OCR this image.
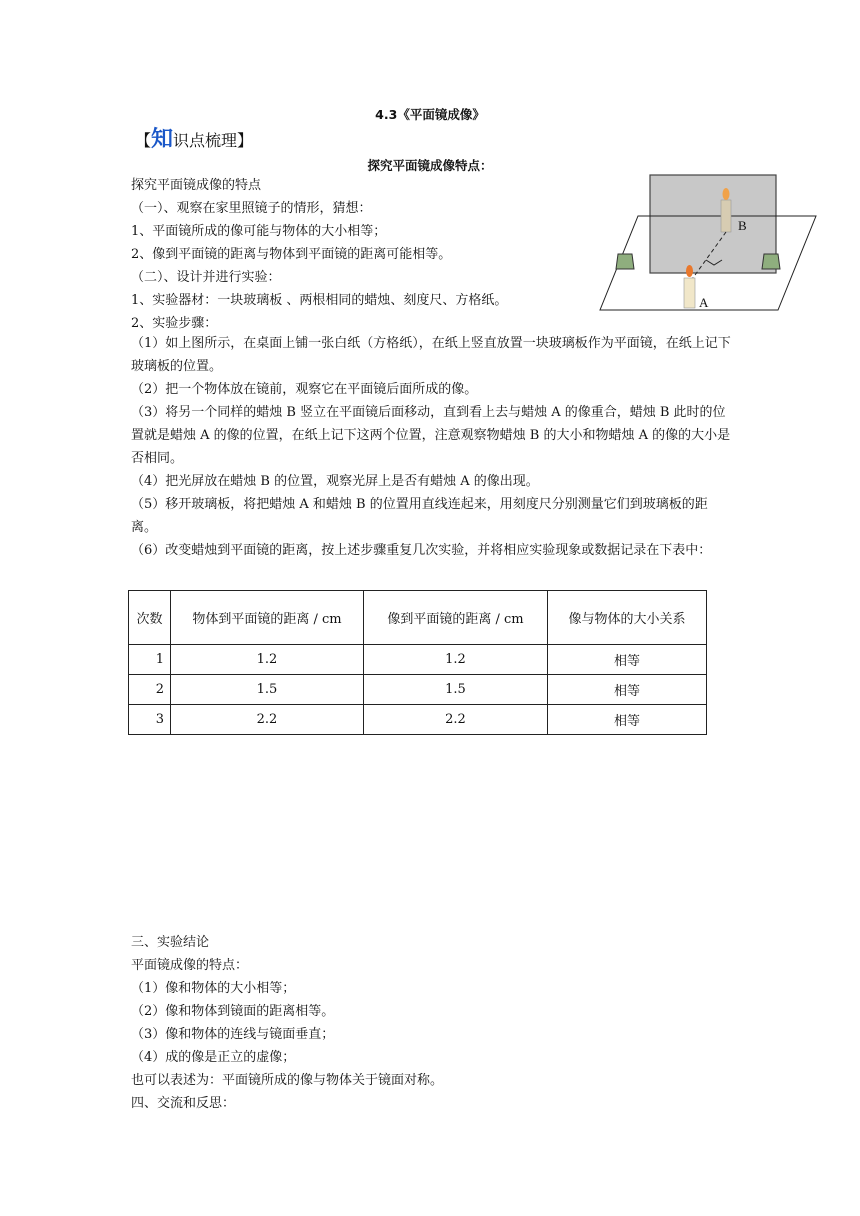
4.3《平面镜成像》
【知识点梳理】
探究平面镜成像特点：
探究平面镜成像的特点
（一）、观察在家里照镜子的情形，猜想：
1、平面镜所成的像可能与物体的大小相等；
2、像到平面镜的距离与物体到平面镜的距离可能相等。
（二）、设计并进行实验：
1、实验器材：一块玻璃板 、两根相同的蜡烛、刻度尺、方格纸。
2、实验步骤：
B
A
（1）如上图所示，在桌面上铺一张白纸（方格纸），在纸上竖直放置一块玻璃板作为平面镜，在纸上记下玻璃板的位置。
（2）把一个物体放在镜前，观察它在平面镜后面所成的像。
（3）将另一个同样的蜡烛 B 竖立在平面镜后面移动，直到看上去与蜡烛 A 的像重合，蜡烛 B 此时的位置就是蜡烛 A 的像的位置，在纸上记下这两个位置，注意观察物蜡烛 B 的大小和物蜡烛 A 的像的大小是否相同。
（4）把光屏放在蜡烛 B 的位置，观察光屏上是否有蜡烛 A 的像出现。
（5）移开玻璃板，将把蜡烛 A 和蜡烛 B 的位置用直线连起来，用刻度尺分别测量它们到玻璃板的距离。
（6）改变蜡烛到平面镜的距离，按上述步骤重复几次实验，并将相应实验现象或数据记录在下表中：
次数	物体到平面镜的距离 / cm	像到平面镜的距离 / cm	像与物体的大小关系
1	1.2	1.2	相等
2	1.5	1.5	相等
3	2.2	2.2	相等
三、实验结论
平面镜成像的特点：
（1）像和物体的大小相等；
（2）像和物体到镜面的距离相等。
（3）像和物体的连线与镜面垂直；
（4）成的像是正立的虚像；
也可以表述为：平面镜所成的像与物体关于镜面对称。
四、交流和反思：
